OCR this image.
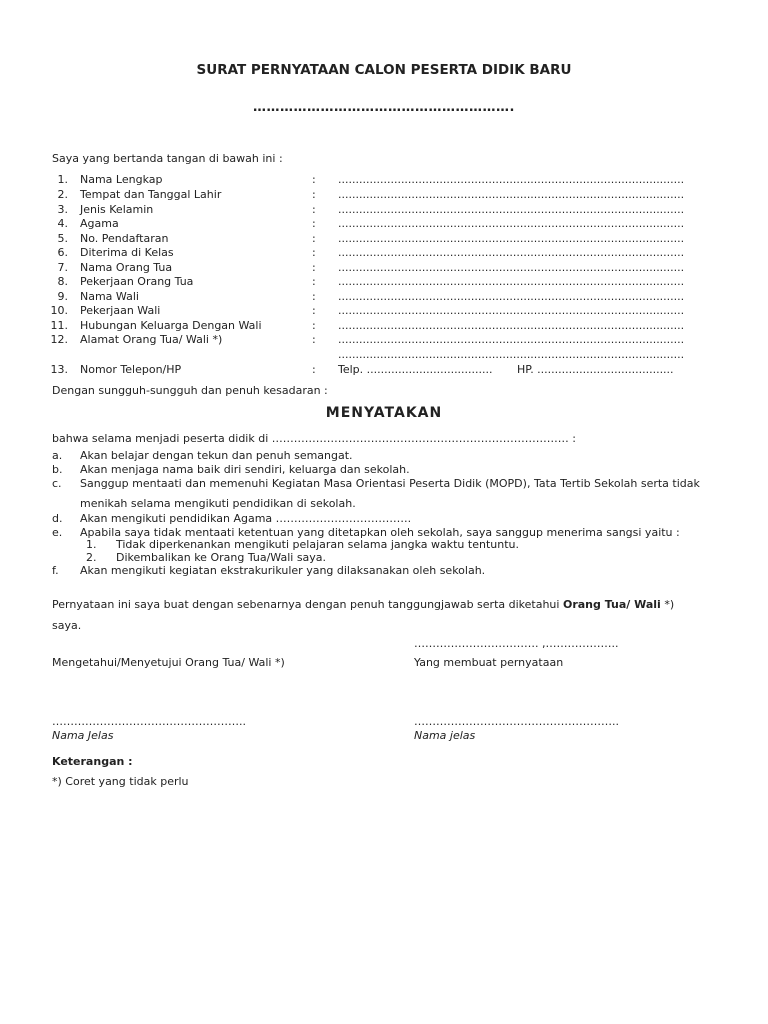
SURAT PERNYATAAN CALON PESERTA DIDIK BARU
………………………………………………….
Saya yang bertanda tangan di bawah ini :
1. Nama Lengkap	: ...................................................................................................
2. Tempat dan Tanggal Lahir	: ...................................................................................................
3. Jenis Kelamin	: ...................................................................................................
4. Agama	: ...................................................................................................
5. No. Pendaftaran	: ...................................................................................................
6. Diterima di Kelas	: ...................................................................................................
7. Nama Orang Tua	: ...................................................................................................
8. Pekerjaan Orang Tua	: ...................................................................................................
9. Nama Wali	: ...................................................................................................
10. Pekerjaan Wali	: ...................................................................................................
11. Hubungan Keluarga Dengan Wali	: ...................................................................................................
12. Alamat Orang Tua/ Wali *)	: ...................................................................................................
...................................................................................................
13. Nomor Telepon/HP	: Telp. .................................... HP. .......................................
Dengan sungguh-sungguh dan penuh kesadaran :
MENYATAKAN
bahwa selama menjadi peserta didik di ……………………………………………………………………… :
a. Akan belajar dengan tekun dan penuh semangat.
b. Akan menjaga nama baik diri sendiri, keluarga dan sekolah.
c. Sanggup mentaati dan memenuhi Kegiatan Masa Orientasi Peserta Didik (MOPD), Tata Tertib Sekolah serta tidak
menikah selama mengikuti pendidikan di sekolah.
d. Akan mengikuti pendidikan Agama ……………………………….
e. Apabila saya tidak mentaati ketentuan yang ditetapkan oleh sekolah, saya sanggup menerima sangsi yaitu :
1. Tidak diperkenankan mengikuti pelajaran selama jangka waktu tentuntu.
2. Dikembalikan ke Orang Tua/Wali saya.
f. Akan mengikuti kegiatan ekstrakurikuler yang dilaksanakan oleh sekolah.
Pernyataan ini saya buat dengan sebenarnya dengan penuh tanggungjawab serta diketahui Orang Tua/ Wali *)
saya.
……………………………. ,………………..
Mengetahui/Menyetujui Orang Tua/ Wali *)	Yang membuat pernyataan
……………………………………………..	………………………………………………..
Nama Jelas	Nama jelas
Keterangan :
*) Coret yang tidak perlu
